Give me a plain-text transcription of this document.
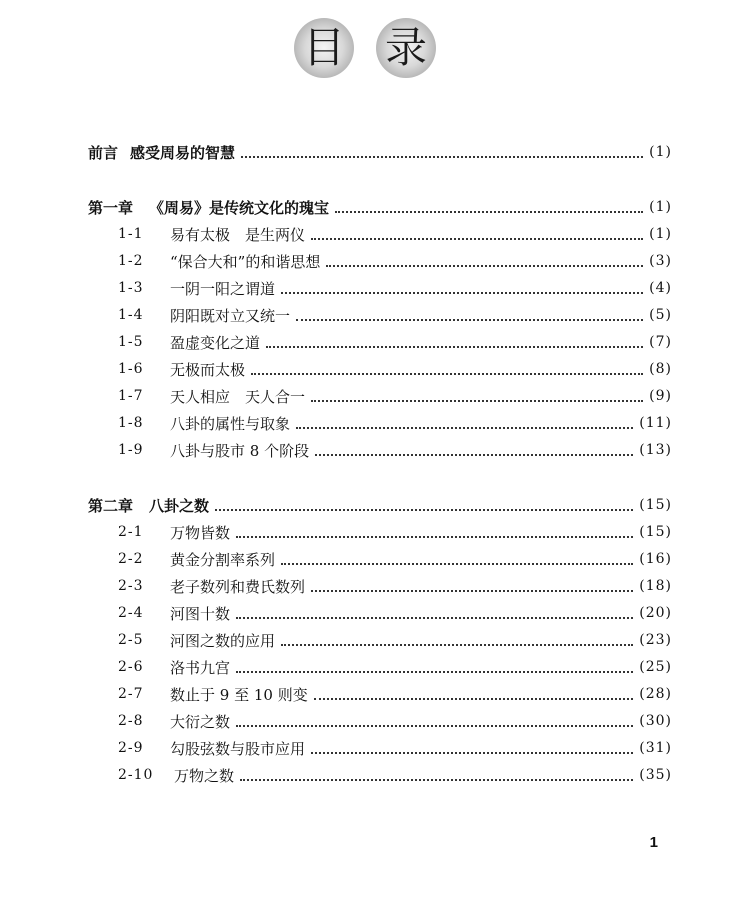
目 录
前言 感受周易的智慧	(1)
第一章 《周易》是传统文化的瑰宝	(1)
1-1	易有太极　是生两仪	(1)
1-2	“保合大和”的和谐思想	(3)
1-3	一阴一阳之谓道	(4)
1-4	阴阳既对立又统一	(5)
1-5	盈虚变化之道	(7)
1-6	无极而太极	(8)
1-7	天人相应　天人合一	(9)
1-8	八卦的属性与取象	(11)
1-9	八卦与股市 8 个阶段	(13)
第二章 八卦之数	(15)
2-1	万物皆数	(15)
2-2	黄金分割率系列	(16)
2-3	老子数列和费氏数列	(18)
2-4	河图十数	(20)
2-5	河图之数的应用	(23)
2-6	洛书九宫	(25)
2-7	数止于 9 至 10 则变	(28)
2-8	大衍之数	(30)
2-9	勾股弦数与股市应用	(31)
2-10	万物之数	(35)
1
